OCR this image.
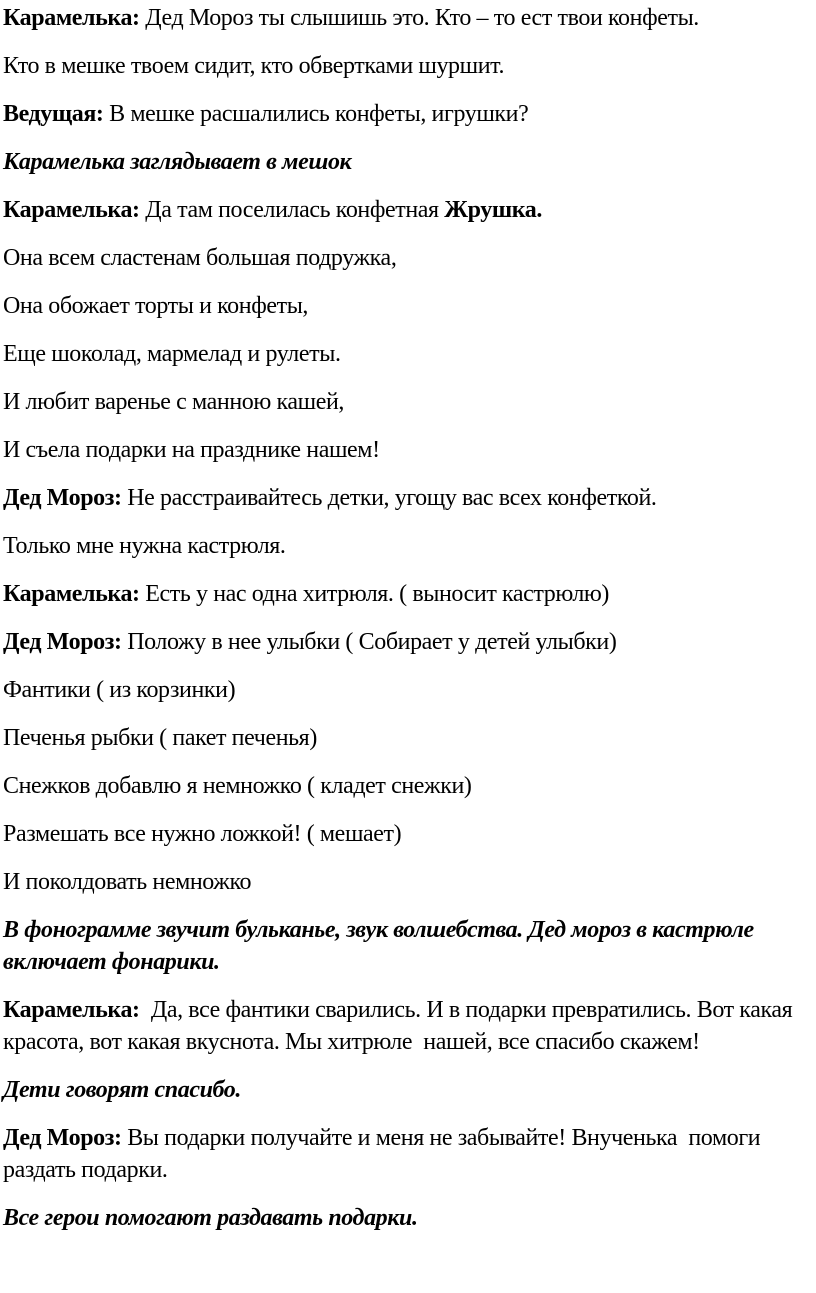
Карамелька: Дед Мороз ты слышишь это. Кто – то ест твои конфеты.

Кто в мешке твоем сидит, кто обвертками шуршит.

Ведущая: В мешке расшалились конфеты, игрушки?

Карамелька заглядывает в мешок

Карамелька: Да там поселилась конфетная Жрушка.

Она всем сластенам большая подружка,

Она обожает торты и конфеты,

Еще шоколад, мармелад и рулеты.

И любит варенье с манною кашей,

И съела подарки на празднике нашем!

Дед Мороз: Не расстраивайтесь детки, угощу вас всех конфеткой.

Только мне нужна кастрюля.

Карамелька: Есть у нас одна хитрюля. ( выносит кастрюлю)

Дед Мороз: Положу в нее улыбки ( Собирает у детей улыбки)

Фантики ( из корзинки)

Печенья рыбки ( пакет печенья)

Снежков добавлю я немножко ( кладет снежки)

Размешать все нужно ложкой! ( мешает)

И поколдовать немножко

В фонограмме звучит бульканье, звук волшебства. Дед мороз в кастрюле включает фонарики.

Карамелька:  Да, все фантики сварились. И в подарки превратились. Вот какая красота, вот какая вкуснота. Мы хитрюле  нашей, все спасибо скажем!

Дети говорят спасибо.

Дед Мороз: Вы подарки получайте и меня не забывайте! Внученька  помоги раздать подарки.

Все герои помогают раздавать подарки.
